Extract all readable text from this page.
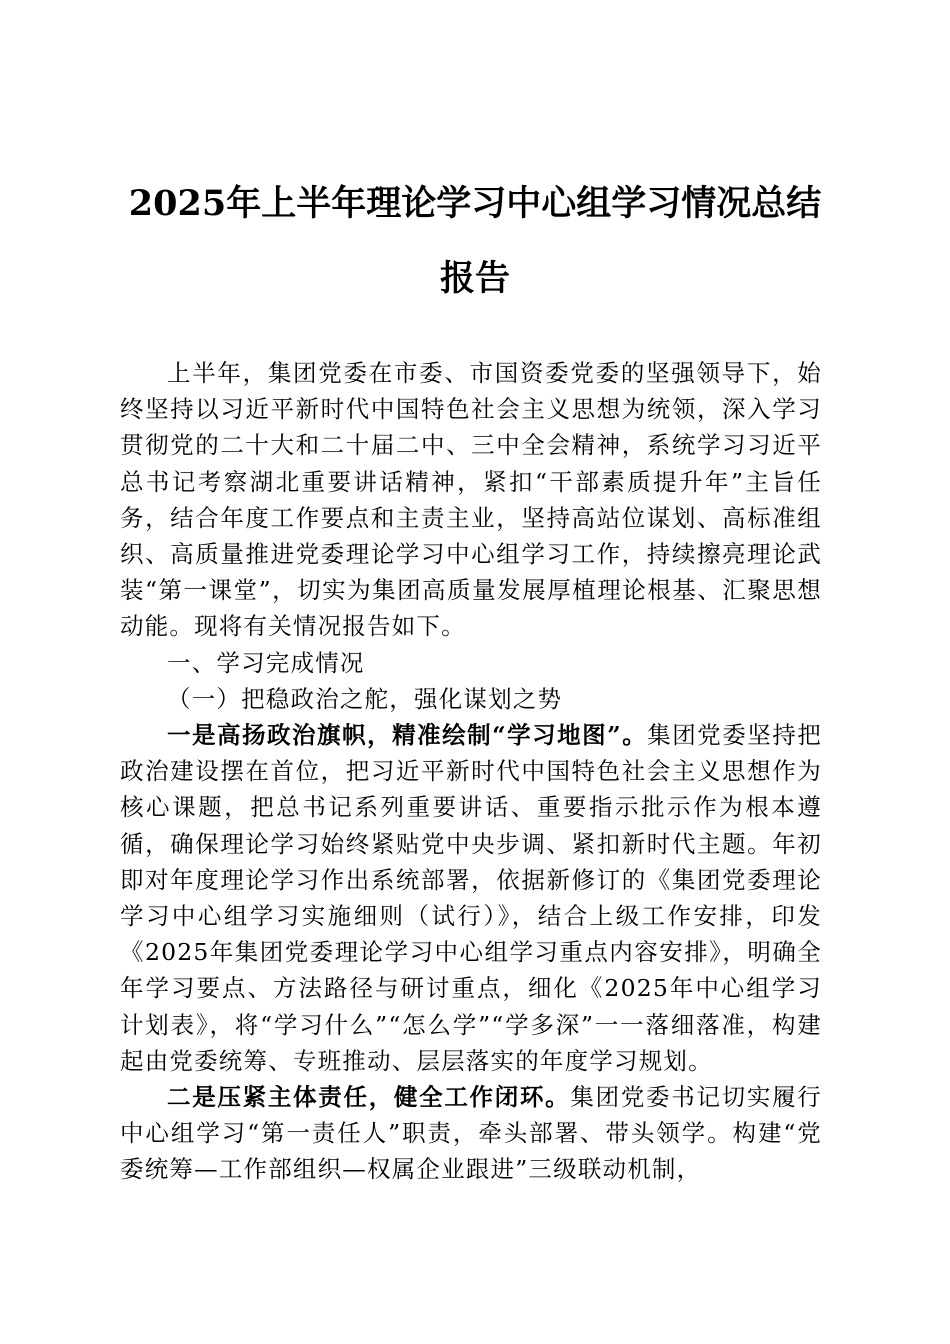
2025年上半年理论学习中心组学习情况总结
报告

上半年，集团党委在市委、市国资委党委的坚强领导下，始终坚持以习近平新时代中国特色社会主义思想为统领，深入学习贯彻党的二十大和二十届二中、三中全会精神，系统学习习近平总书记考察湖北重要讲话精神，紧扣“干部素质提升年”主旨任务，结合年度工作要点和主责主业，坚持高站位谋划、高标准组织、高质量推进党委理论学习中心组学习工作，持续擦亮理论武装“第一课堂”，切实为集团高质量发展厚植理论根基、汇聚思想动能。现将有关情况报告如下。

一、学习完成情况

（一）把稳政治之舵，强化谋划之势

一是高扬政治旗帜，精准绘制“学习地图”。集团党委坚持把政治建设摆在首位，把习近平新时代中国特色社会主义思想作为核心课题，把总书记系列重要讲话、重要指示批示作为根本遵循，确保理论学习始终紧贴党中央步调、紧扣新时代主题。年初即对年度理论学习作出系统部署，依据新修订的《集团党委理论学习中心组学习实施细则（试行）》，结合上级工作安排，印发《2025年集团党委理论学习中心组学习重点内容安排》，明确全年学习要点、方法路径与研讨重点，细化《2025年中心组学习计划表》，将“学习什么”“怎么学”“学多深”一一落细落准，构建起由党委统筹、专班推动、层层落实的年度学习规划。

二是压紧主体责任，健全工作闭环。集团党委书记切实履行中心组学习“第一责任人”职责，牵头部署、带头领学。构建“党委统筹—工作部组织—权属企业跟进”三级联动机制，
